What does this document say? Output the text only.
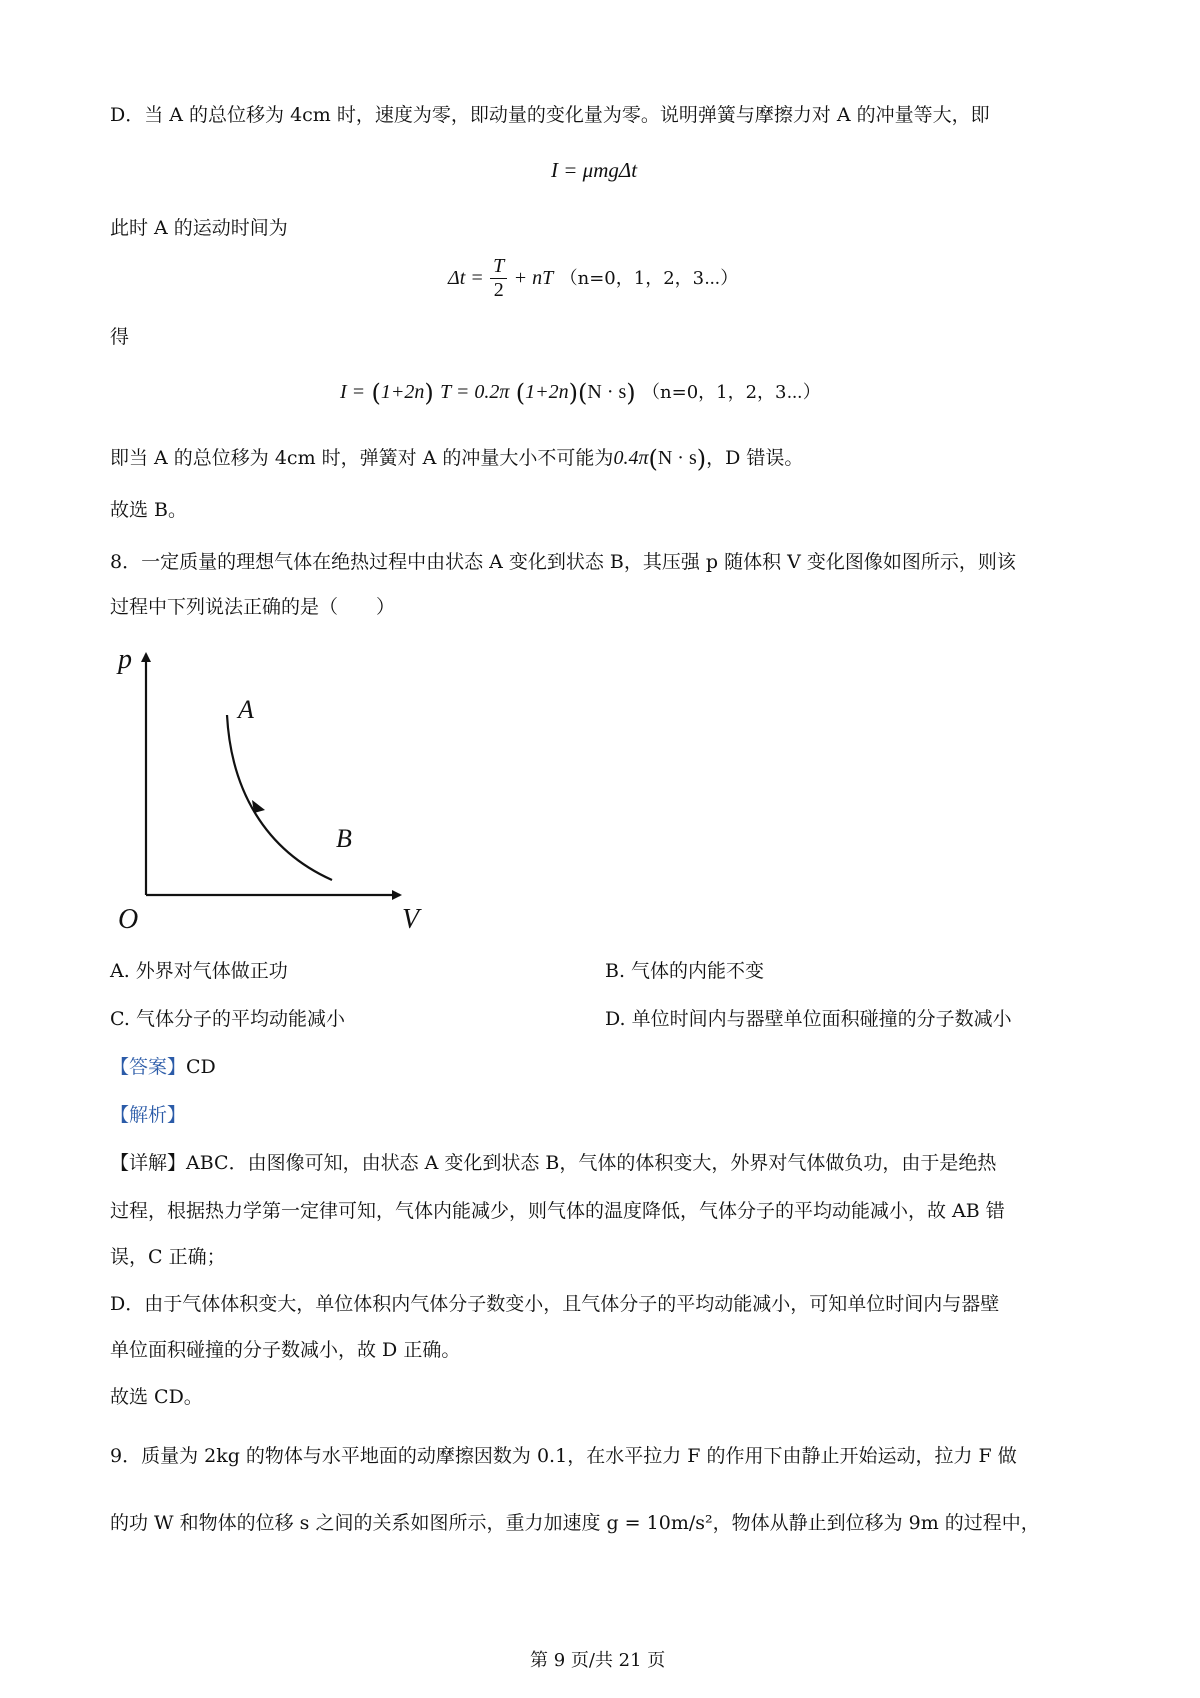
D．当 A 的总位移为 4cm 时，速度为零，即动量的变化量为零。说明弹簧与摩擦力对 A 的冲量等大，即
I = μmgΔt
此时 A 的运动时间为
$\Delta t = \frac{T}{2}$ + nT （n=0，1，2，3⋯）
得
I = (1+2n) T = 0.2π (1+2n)(N · s) （n=0，1，2，3⋯）
即当 A 的总位移为 4cm 时，弹簧对 A 的冲量大小不可能为0.4π(N · s)，D 错误。
故选 B。
8．一定质量的理想气体在绝热过程中由状态 A 变化到状态 B，其压强 p 随体积 V 变化图像如图所示，则该
过程中下列说法正确的是（　　）
p
V
O
A
B
A. 外界对气体做正功	B. 气体的内能不变
C. 气体分子的平均动能减小	D. 单位时间内与器壁单位面积碰撞的分子数减小
【答案】CD
【解析】
【详解】ABC．由图像可知，由状态 A 变化到状态 B，气体的体积变大，外界对气体做负功，由于是绝热
过程，根据热力学第一定律可知，气体内能减少，则气体的温度降低，气体分子的平均动能减小，故 AB 错
误，C 正确；
D．由于气体体积变大，单位体积内气体分子数变小，且气体分子的平均动能减小，可知单位时间内与器壁
单位面积碰撞的分子数减小，故 D 正确。
故选 CD。
9．质量为 2kg 的物体与水平地面的动摩擦因数为 0.1，在水平拉力 F 的作用下由静止开始运动，拉力 F 做
的功 W 和物体的位移 s 之间的关系如图所示，重力加速度 g = 10m/s²，物体从静止到位移为 9m 的过程中，
第 9 页/共 21 页
